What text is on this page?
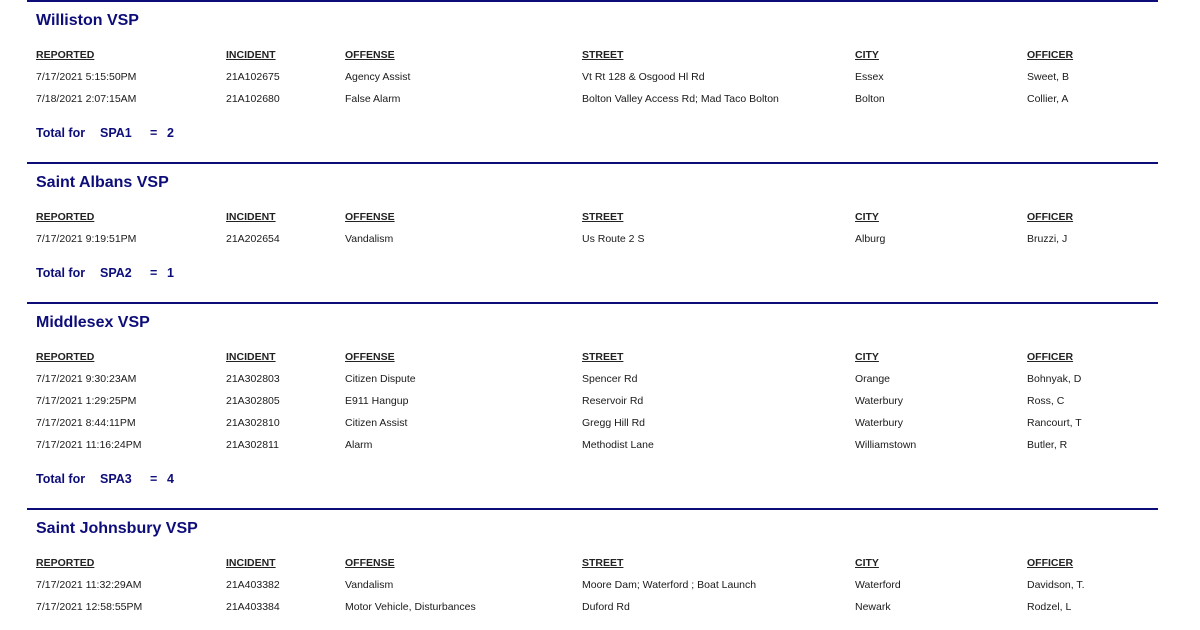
Williston VSP
REPORTED	INCIDENT	OFFENSE	STREET	CITY	OFFICER
7/17/2021 5:15:50PM	21A102675	Agency Assist	Vt Rt 128 & Osgood Hl Rd	Essex	Sweet, B
7/18/2021 2:07:15AM	21A102680	False Alarm	Bolton Valley Access Rd; Mad Taco Bolton	Bolton	Collier, A
Total for SPA1 = 2
Saint Albans VSP
REPORTED	INCIDENT	OFFENSE	STREET	CITY	OFFICER
7/17/2021 9:19:51PM	21A202654	Vandalism	Us Route 2 S	Alburg	Bruzzi, J
Total for SPA2 = 1
Middlesex VSP
REPORTED	INCIDENT	OFFENSE	STREET	CITY	OFFICER
7/17/2021 9:30:23AM	21A302803	Citizen Dispute	Spencer Rd	Orange	Bohnyak, D
7/17/2021 1:29:25PM	21A302805	E911 Hangup	Reservoir Rd	Waterbury	Ross, C
7/17/2021 8:44:11PM	21A302810	Citizen Assist	Gregg Hill Rd	Waterbury	Rancourt, T
7/17/2021 11:16:24PM	21A302811	Alarm	Methodist Lane	Williamstown	Butler, R
Total for SPA3 = 4
Saint Johnsbury VSP
REPORTED	INCIDENT	OFFENSE	STREET	CITY	OFFICER
7/17/2021 11:32:29AM	21A403382	Vandalism	Moore Dam; Waterford ; Boat Launch	Waterford	Davidson, T.
7/17/2021 12:58:55PM	21A403384	Motor Vehicle, Disturbances	Duford Rd	Newark	Rodzel, L
